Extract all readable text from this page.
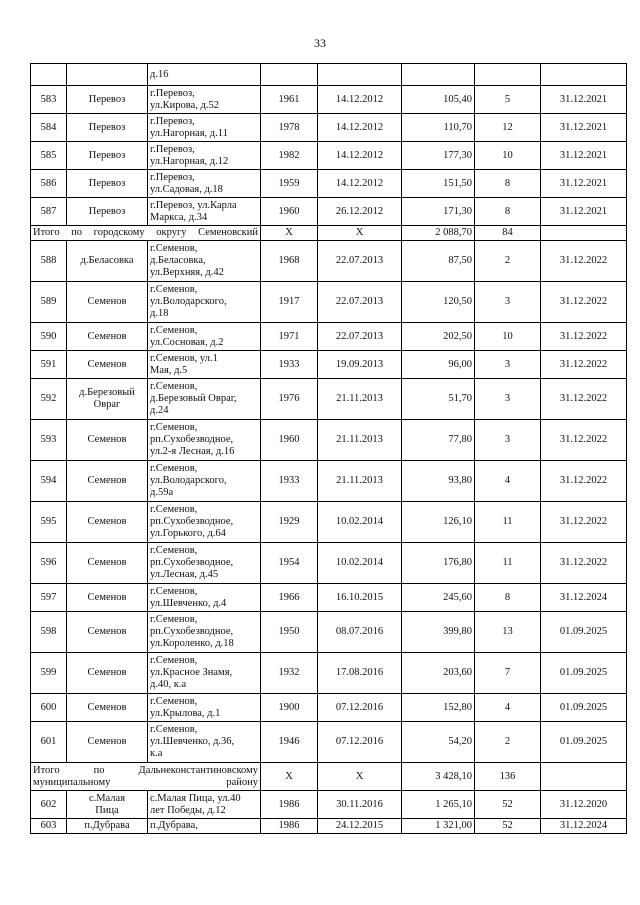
33
		д.16					
583	Перевоз	г.Перевоз,
ул.Кирова, д.52	1961	14.12.2012	105,40	5	31.12.2021
584	Перевоз	г.Перевоз,
ул.Нагорная, д.11	1978	14.12.2012	110,70	12	31.12.2021
585	Перевоз	г.Перевоз,
ул.Нагорная, д.12	1982	14.12.2012	177,30	10	31.12.2021
586	Перевоз	г.Перевоз,
ул.Садовая, д.18	1959	14.12.2012	151,50	8	31.12.2021
587	Перевоз	г.Перевоз, ул.Карла
Маркса, д.34	1960	26.12.2012	171,30	8	31.12.2021
Итого по городскому округу Семеновский			X	X	2 088,70	84	
588	д.Беласовка	г.Семенов,
д.Беласовка,
ул.Верхняя, д.42	1968	22.07.2013	87,50	2	31.12.2022
589	Семенов	г.Семенов,
ул.Володарского,
д.18	1917	22.07.2013	120,50	3	31.12.2022
590	Семенов	г.Семенов,
ул.Сосновая, д.2	1971	22.07.2013	202,50	10	31.12.2022
591	Семенов	г.Семенов, ул.1
Мая, д.5	1933	19.09.2013	96,00	3	31.12.2022
592	д.Березовый
Овраг	г.Семенов,
д.Березовый Овраг,
д.24	1976	21.11.2013	51,70	3	31.12.2022
593	Семенов	г.Семенов,
рп.Сухобезводное,
ул.2-я Лесная, д.16	1960	21.11.2013	77,80	3	31.12.2022
594	Семенов	г.Семенов,
ул.Володарского,
д.59а	1933	21.11.2013	93,80	4	31.12.2022
595	Семенов	г.Семенов,
рп.Сухобезводное,
ул.Горького, д.64	1929	10.02.2014	126,10	11	31.12.2022
596	Семенов	г.Семенов,
рп.Сухобезводное,
ул.Лесная, д.45	1954	10.02.2014	176,80	11	31.12.2022
597	Семенов	г.Семенов,
ул.Шевченко, д.4	1966	16.10.2015	245,60	8	31.12.2024
598	Семенов	г.Семенов,
рп.Сухобезводное,
ул.Короленко, д.18	1950	08.07.2016	399,80	13	01.09.2025
599	Семенов	г.Семенов,
ул.Красное Знамя,
д.40, к.а	1932	17.08.2016	203,60	7	01.09.2025
600	Семенов	г.Семенов,
ул.Крылова, д.1	1900	07.12.2016	152,80	4	01.09.2025
601	Семенов	г.Семенов,
ул.Шевченко, д.36,
к.а	1946	07.12.2016	54,20	2	01.09.2025
Итого по Дальнеконстантиновскому муниципальному району			X	X	3 428,10	136	
602	с.Малая
Пица	с.Малая Пица, ул.40
лет Победы, д.12	1986	30.11.2016	1 265,10	52	31.12.2020
603	п.Дубрава	п.Дубрава,	1986	24.12.2015	1 321,00	52	31.12.2024
